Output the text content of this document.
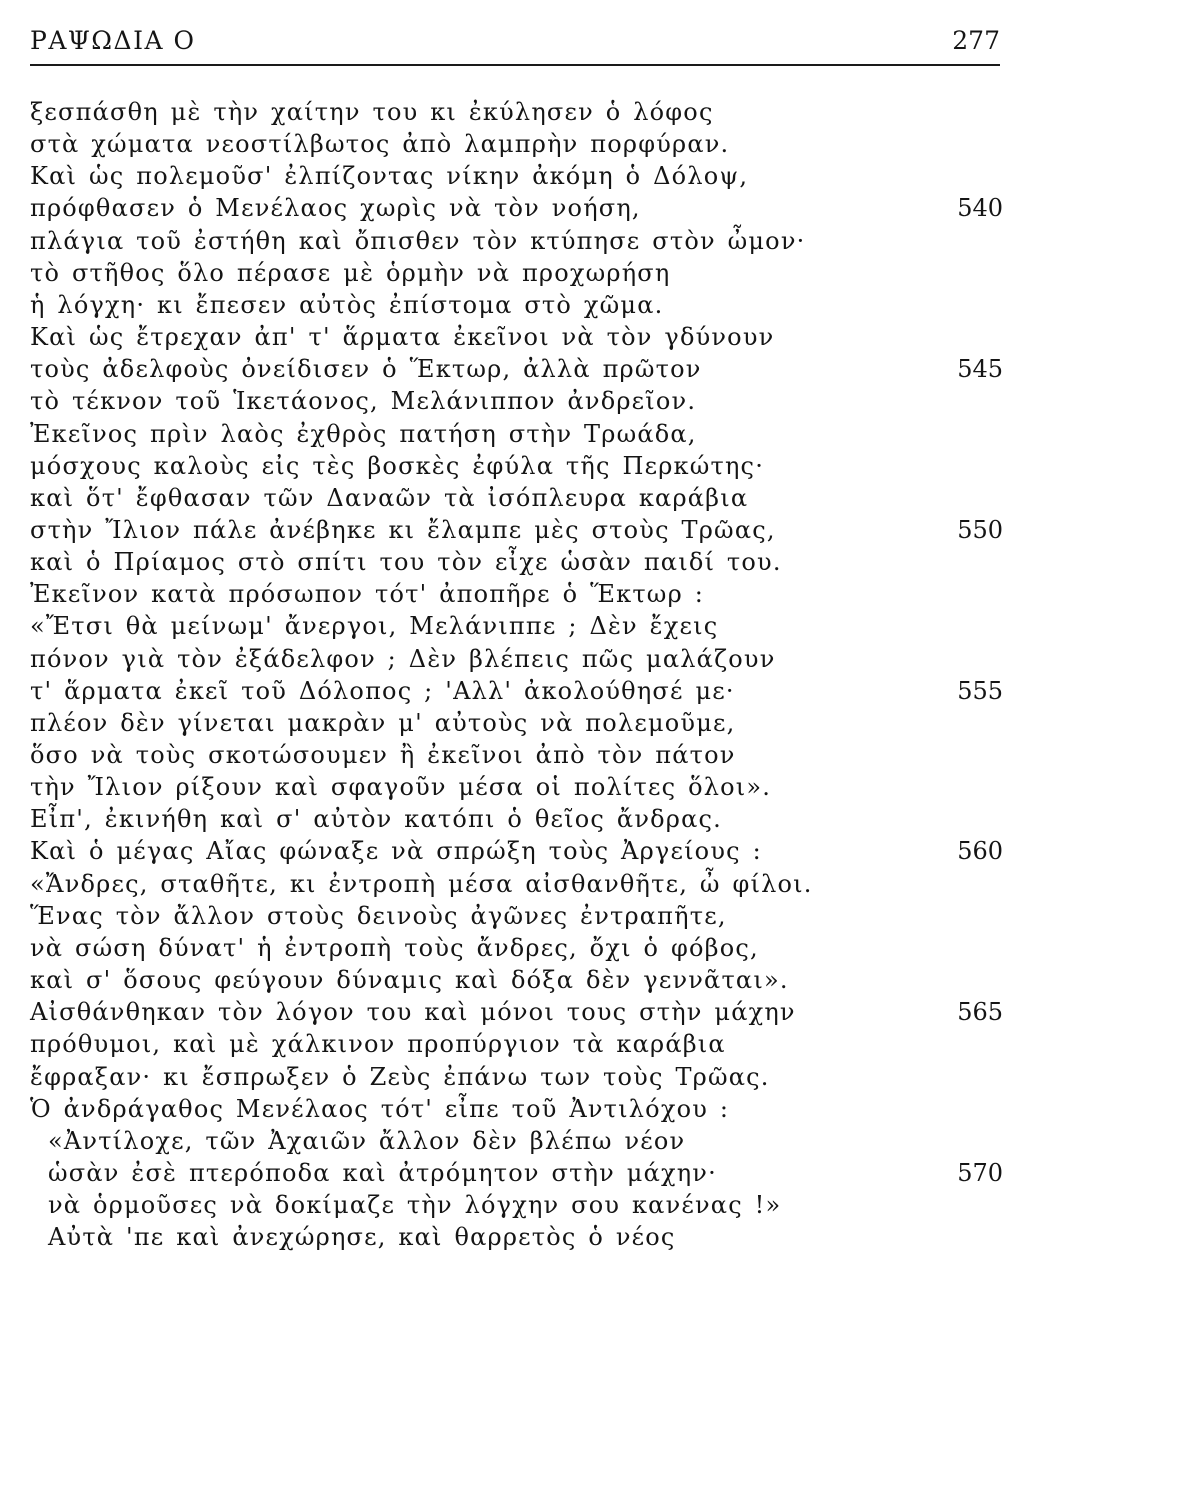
ΡΑΨΩΔΙΑ Ο	277
ξεσπάσθη μὲ τὴν χαίτην του κι ἐκύλησεν ὁ λόφος
στὰ χώματα νεοστίλβωτος ἀπὸ λαμπρὴν πορφύραν.
Καὶ ὡς πολεμοῦσ' ἐλπίζοντας νίκην ἀκόμη ὁ Δόλοψ,
πρόφθασεν ὁ Μενέλαος χωρὶς νὰ τὸν νοήση,	540
πλάγια τοῦ ἐστήθη καὶ ὄπισθεν τὸν κτύπησε στὸν ὦμον·
τὸ στῆθος ὅλο πέρασε μὲ ὁρμὴν νὰ προχωρήση
ἡ λόγχη· κι ἔπεσεν αὐτὸς ἐπίστομα στὸ χῶμα.
Καὶ ὡς ἔτρεχαν ἀπ' τ' ἅρματα ἐκεῖνοι νὰ τὸν γδύνουν
τοὺς ἀδελφοὺς ὀνείδισεν ὁ Ἕκτωρ, ἀλλὰ πρῶτον	545
τὸ τέκνον τοῦ Ἱκετάονος, Μελάνιππον ἀνδρεῖον.
Ἐκεῖνος πρὶν λαὸς ἐχθρὸς πατήση στὴν Τρωάδα,
μόσχους καλοὺς εἰς τὲς βοσκὲς ἐφύλα τῆς Περκώτης·
καὶ ὅτ' ἔφθασαν τῶν Δαναῶν τὰ ἰσόπλευρα καράβια
στὴν Ἴλιον πάλε ἀνέβηκε κι ἔλαμπε μὲς στοὺς Τρῶας,	550
καὶ ὁ Πρίαμος στὸ σπίτι του τὸν εἶχε ὡσὰν παιδί του.
Ἐκεῖνον κατὰ πρόσωπον τότ' ἀποπῆρε ὁ Ἕκτωρ :
«Ἔτσι θὰ μείνωμ' ἄνεργοι, Μελάνιππε ; Δὲν ἔχεις
πόνον γιὰ τὸν ἐξάδελφον ; Δὲν βλέπεις πῶς μαλάζουν
τ' ἅρματα ἐκεῖ τοῦ Δόλοπος ; 'Αλλ' ἀκολούθησέ με·	555
πλέον δὲν γίνεται μακρὰν μ' αὐτοὺς νὰ πολεμοῦμε,
ὅσο νὰ τοὺς σκοτώσουμεν ἢ ἐκεῖνοι ἀπὸ τὸν πάτον
τὴν Ἴλιον ρίξουν καὶ σφαγοῦν μέσα οἱ πολίτες ὅλοι».
Εἶπ', ἐκινήθη καὶ σ' αὐτὸν κατόπι ὁ θεῖος ἄνδρας.
Καὶ ὁ μέγας Αἴας φώναξε νὰ σπρώξη τοὺς Ἀργείους :	560
«Ἄνδρες, σταθῆτε, κι ἐντροπὴ μέσα αἰσθανθῆτε, ὦ φίλοι.
Ἕνας τὸν ἄλλον στοὺς δεινοὺς ἀγῶνες ἐντραπῆτε,
νὰ σώση δύνατ' ἡ ἐντροπὴ τοὺς ἄνδρες, ὄχι ὁ φόβος,
καὶ σ' ὅσους φεύγουν δύναμις καὶ δόξα δὲν γεννᾶται».
Αἰσθάνθηκαν τὸν λόγον του καὶ μόνοι τους στὴν μάχην	565
πρόθυμοι, καὶ μὲ χάλκινον προπύργιον τὰ καράβια
ἔφραξαν· κι ἔσπρωξεν ὁ Ζεὺς ἐπάνω των τοὺς Τρῶας.
Ὁ ἀνδράγαθος Μενέλαος τότ' εἶπε τοῦ Ἀντιλόχου :
«Ἀντίλοχε, τῶν Ἀχαιῶν ἄλλον δὲν βλέπω νέον
ὡσὰν ἐσὲ πτερόποδα καὶ ἀτρόμητον στὴν μάχην·	570
νὰ ὁρμοῦσες νὰ δοκίμαζε τὴν λόγχην σου κανένας !»
Αὐτὰ 'πε καὶ ἀνεχώρησε, καὶ θαρρετὸς ὁ νέος
